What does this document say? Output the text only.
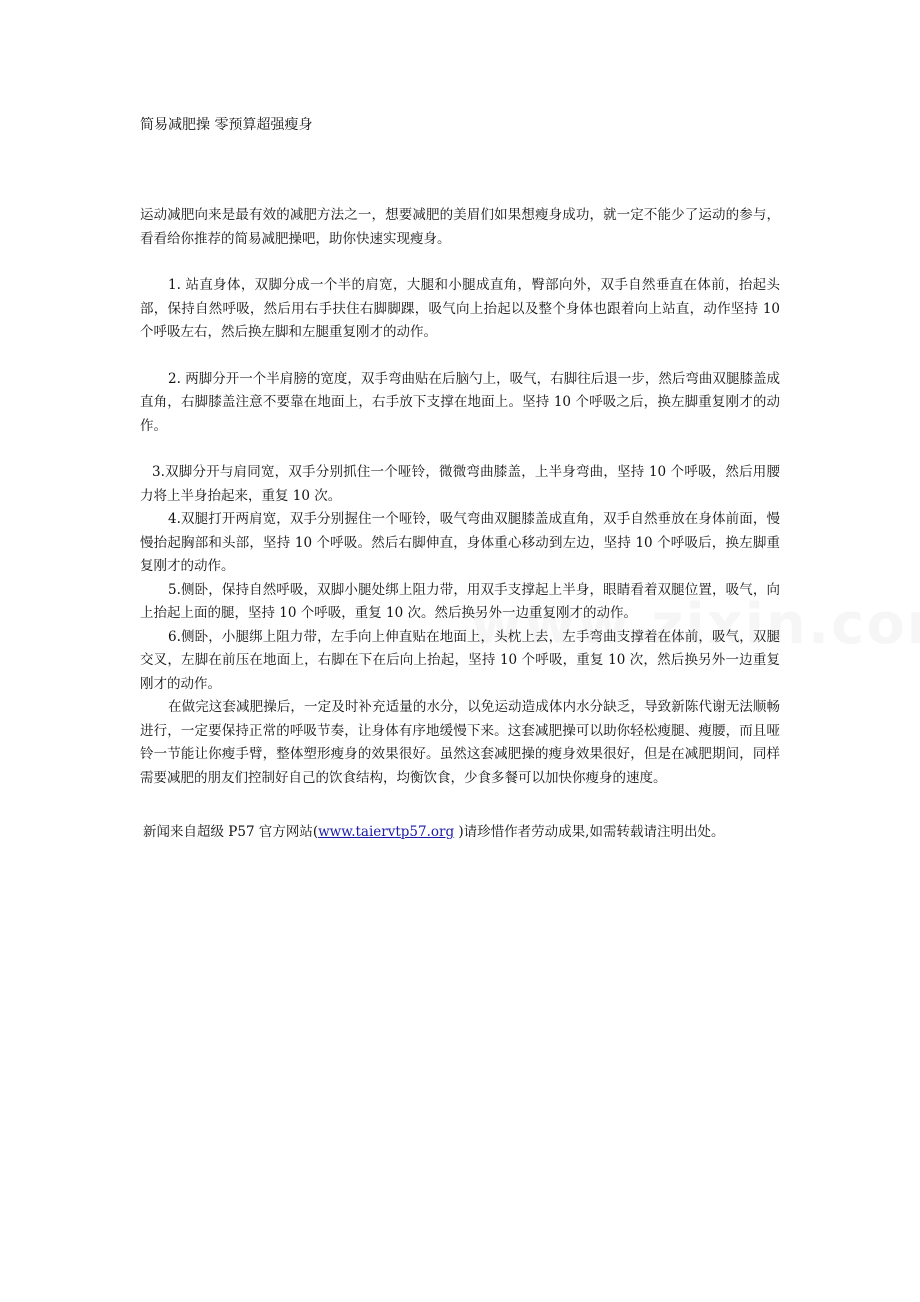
简易减肥操 零预算超强瘦身

运动减肥向来是最有效的减肥方法之一，想要减肥的美眉们如果想瘦身成功，就一定不能少了运动的参与，看看给你推荐的简易减肥操吧，助你快速实现瘦身。

1. 站直身体，双脚分成一个半的肩宽，大腿和小腿成直角，臀部向外，双手自然垂直在体前，抬起头部，保持自然呼吸，然后用右手扶住右脚脚踝，吸气向上抬起以及整个身体也跟着向上站直，动作坚持 10 个呼吸左右，然后换左脚和左腿重复刚才的动作。

2. 两脚分开一个半肩膀的宽度，双手弯曲贴在后脑勺上，吸气，右脚往后退一步，然后弯曲双腿膝盖成直角，右脚膝盖注意不要靠在地面上，右手放下支撑在地面上。坚持 10 个呼吸之后，换左脚重复刚才的动作。

3.双脚分开与肩同宽，双手分别抓住一个哑铃，微微弯曲膝盖，上半身弯曲，坚持 10 个呼吸，然后用腰力将上半身抬起来，重复 10 次。

4.双腿打开两肩宽，双手分别握住一个哑铃，吸气弯曲双腿膝盖成直角，双手自然垂放在身体前面，慢慢抬起胸部和头部，坚持 10 个呼吸。然后右脚伸直，身体重心移动到左边，坚持 10 个呼吸后，换左脚重复刚才的动作。

5.侧卧，保持自然呼吸，双脚小腿处绑上阻力带，用双手支撑起上半身，眼睛看着双腿位置，吸气，向上抬起上面的腿，坚持 10 个呼吸，重复 10 次。然后换另外一边重复刚才的动作。

6.侧卧，小腿绑上阻力带，左手向上伸直贴在地面上，头枕上去，左手弯曲支撑着在体前，吸气，双腿交叉，左脚在前压在地面上，右脚在下在后向上抬起，坚持 10 个呼吸，重复 10 次，然后换另外一边重复刚才的动作。

在做完这套减肥操后，一定及时补充适量的水分，以免运动造成体内水分缺乏，导致新陈代谢无法顺畅进行，一定要保持正常的呼吸节奏，让身体有序地缓慢下来。这套减肥操可以助你轻松瘦腿、瘦腰，而且哑铃一节能让你瘦手臂，整体塑形瘦身的效果很好。虽然这套减肥操的瘦身效果很好，但是在减肥期间，同样需要减肥的朋友们控制好自己的饮食结构，均衡饮食，少食多餐可以加快你瘦身的速度。

新闻来自超级 P57 官方网站(www.taiervtp57.org )请珍惜作者劳动成果,如需转载请注明出处。
